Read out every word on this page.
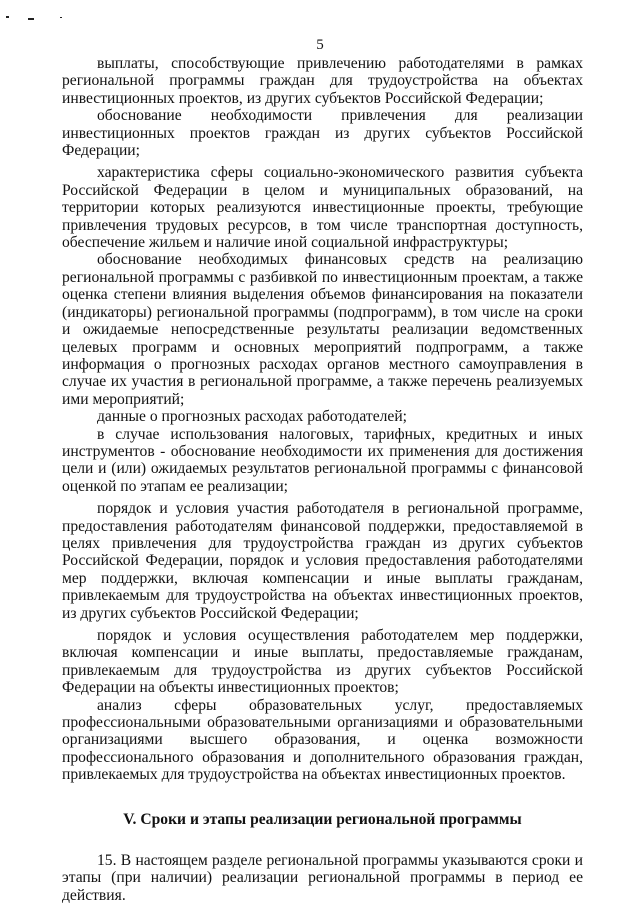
5

выплаты, способствующие привлечению работодателями в рамках региональной программы граждан для трудоустройства на объектах инвестиционных проектов, из других субъектов Российской Федерации;

обоснование необходимости привлечения для реализации инвестиционных проектов граждан из других субъектов Российской Федерации;

характеристика сферы социально-экономического развития субъекта Российской Федерации в целом и муниципальных образований, на территории которых реализуются инвестиционные проекты, требующие привлечения трудовых ресурсов, в том числе транспортная доступность, обеспечение жильем и наличие иной социальной инфраструктуры;

обоснование необходимых финансовых средств на реализацию региональной программы с разбивкой по инвестиционным проектам, а также оценка степени влияния выделения объемов финансирования на показатели (индикаторы) региональной программы (подпрограмм), в том числе на сроки и ожидаемые непосредственные результаты реализации ведомственных целевых программ и основных мероприятий подпрограмм, а также информация о прогнозных расходах органов местного самоуправления в случае их участия в региональной программе, а также перечень реализуемых ими мероприятий;

данные о прогнозных расходах работодателей;

в случае использования налоговых, тарифных, кредитных и иных инструментов - обоснование необходимости их применения для достижения цели и (или) ожидаемых результатов региональной программы с финансовой оценкой по этапам ее реализации;

порядок и условия участия работодателя в региональной программе, предоставления работодателям финансовой поддержки, предоставляемой в целях привлечения для трудоустройства граждан из других субъектов Российской Федерации, порядок и условия предоставления работодателями мер поддержки, включая компенсации и иные выплаты гражданам, привлекаемым для трудоустройства на объектах инвестиционных проектов, из других субъектов Российской Федерации;

порядок и условия осуществления работодателем мер поддержки, включая компенсации и иные выплаты, предоставляемые гражданам, привлекаемым для трудоустройства из других субъектов Российской Федерации на объекты инвестиционных проектов;

анализ сферы образовательных услуг, предоставляемых профессиональными образовательными организациями и образовательными организациями высшего образования, и оценка возможности профессионального образования и дополнительного образования граждан, привлекаемых для трудоустройства на объектах инвестиционных проектов.

V. Сроки и этапы реализации региональной программы

15. В настоящем разделе региональной программы указываются сроки и этапы (при наличии) реализации региональной программы в период ее действия.
